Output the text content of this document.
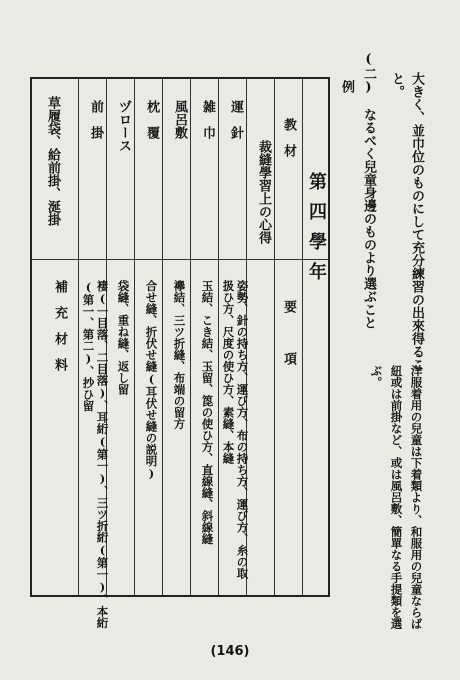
大きく、並巾位のものにして充分練習の出來得るこ
と。
(二)　なるべく兒童身邊のものより選ぶこと
例
洋服着用の兒童は下着類より、和服用の兒童ならば
紐或は前掛など、或は風呂敷、簡單なる手提類を選
ぶ。
第四學年
教　材
要　　　項
裁縫學習上の心得
運　針
姿勢、針の持ち方、運び方、布の持ち方、運び方、糸の取
扱ひ方、尺度の使ひ方、素縫、本縫
雑　巾
玉結、こき結、玉留、箆の使ひ方、直線縫、斜線縫
風呂敷
襷結、三ツ折縫、布端の留方
枕　覆
合せ縫、折伏せ縫(耳伏せ縫の説明)
ヅロース
袋縫、重ね縫、返し留
前　掛
褄(一目落、二目落)、耳絎(第一)、三ツ折絎(第一)、本絎
(第一、第二)、抄ひ留
草履袋、給前掛、涎掛
補　充　材　料
(146)
